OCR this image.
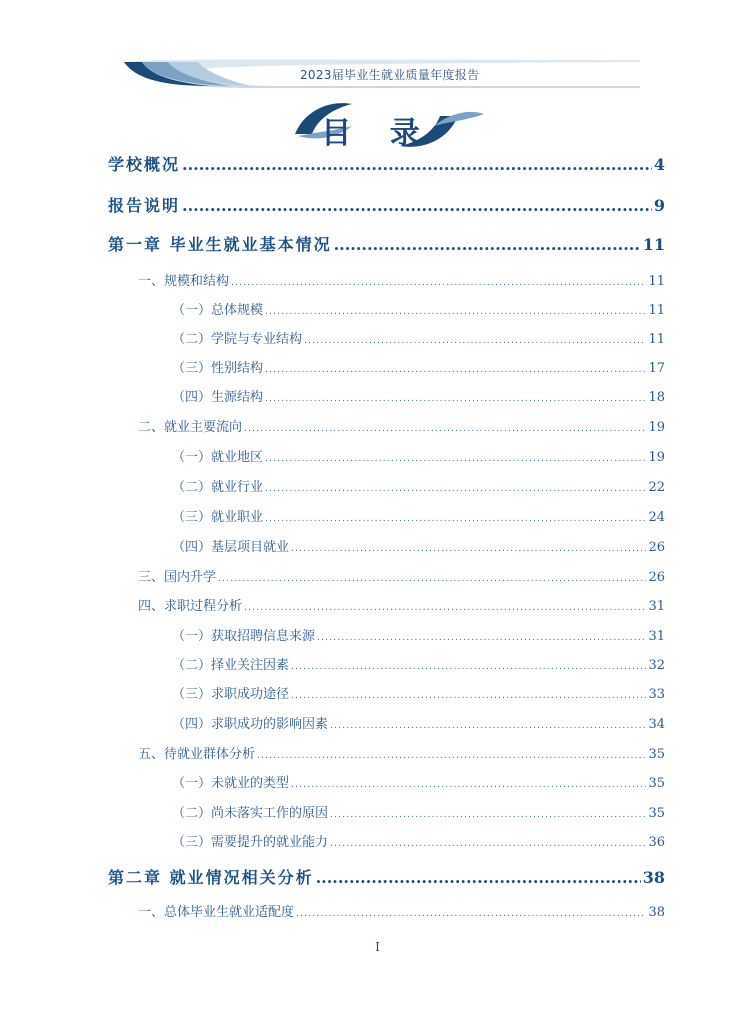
2023届毕业生就业质量年度报告
目 录
学校概况 .....	4
报告说明 .....	9
第一章 毕业生就业基本情况 .....	11
一、规模和结构 .....	11
（一）总体规模 .....	11
（二）学院与专业结构 .....	11
（三）性别结构 .....	17
（四）生源结构 .....	18
二、就业主要流向 .....	19
（一）就业地区 .....	19
（二）就业行业 .....	22
（三）就业职业 .....	24
（四）基层项目就业 .....	26
三、国内升学 .....	26
四、求职过程分析 .....	31
（一）获取招聘信息来源 .....	31
（二）择业关注因素 .....	32
（三）求职成功途径 .....	33
（四）求职成功的影响因素 .....	34
五、待就业群体分析 .....	35
（一）未就业的类型 .....	35
（二）尚未落实工作的原因 .....	35
（三）需要提升的就业能力 .....	36
第二章 就业情况相关分析 .....	38
一、总体毕业生就业适配度 .....	38
I
